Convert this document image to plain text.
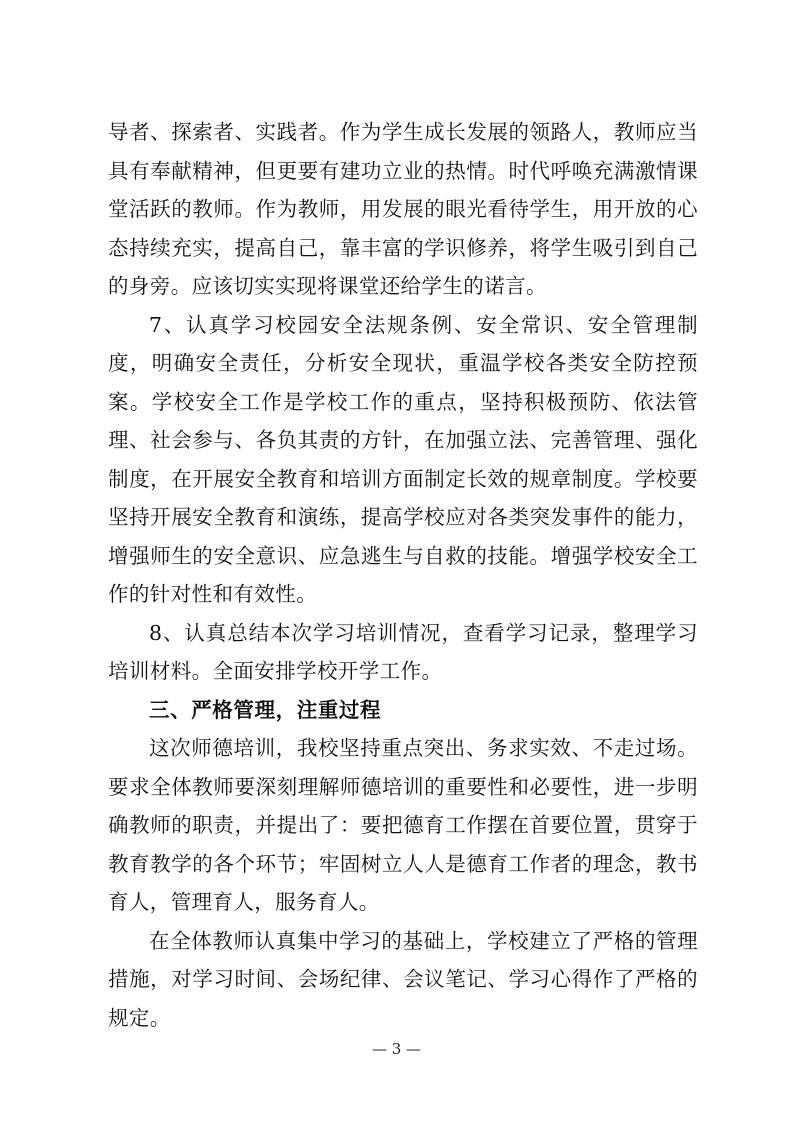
导者、探索者、实践者。作为学生成长发展的领路人，教师应当具有奉献精神，但更要有建功立业的热情。时代呼唤充满激情课堂活跃的教师。作为教师，用发展的眼光看待学生，用开放的心态持续充实，提高自己，靠丰富的学识修养，将学生吸引到自己的身旁。应该切实实现将课堂还给学生的诺言。

7、认真学习校园安全法规条例、安全常识、安全管理制度，明确安全责任，分析安全现状，重温学校各类安全防控预案。学校安全工作是学校工作的重点，坚持积极预防、依法管理、社会参与、各负其责的方针，在加强立法、完善管理、强化制度，在开展安全教育和培训方面制定长效的规章制度。学校要坚持开展安全教育和演练，提高学校应对各类突发事件的能力，增强师生的安全意识、应急逃生与自救的技能。增强学校安全工作的针对性和有效性。

8、认真总结本次学习培训情况，查看学习记录，整理学习培训材料。全面安排学校开学工作。

三、严格管理，注重过程

这次师德培训，我校坚持重点突出、务求实效、不走过场。要求全体教师要深刻理解师德培训的重要性和必要性，进一步明确教师的职责，并提出了：要把德育工作摆在首要位置，贯穿于教育教学的各个环节；牢固树立人人是德育工作者的理念，教书育人，管理育人，服务育人。

在全体教师认真集中学习的基础上，学校建立了严格的管理措施，对学习时间、会场纪律、会议笔记、学习心得作了严格的规定。

— 3 —
